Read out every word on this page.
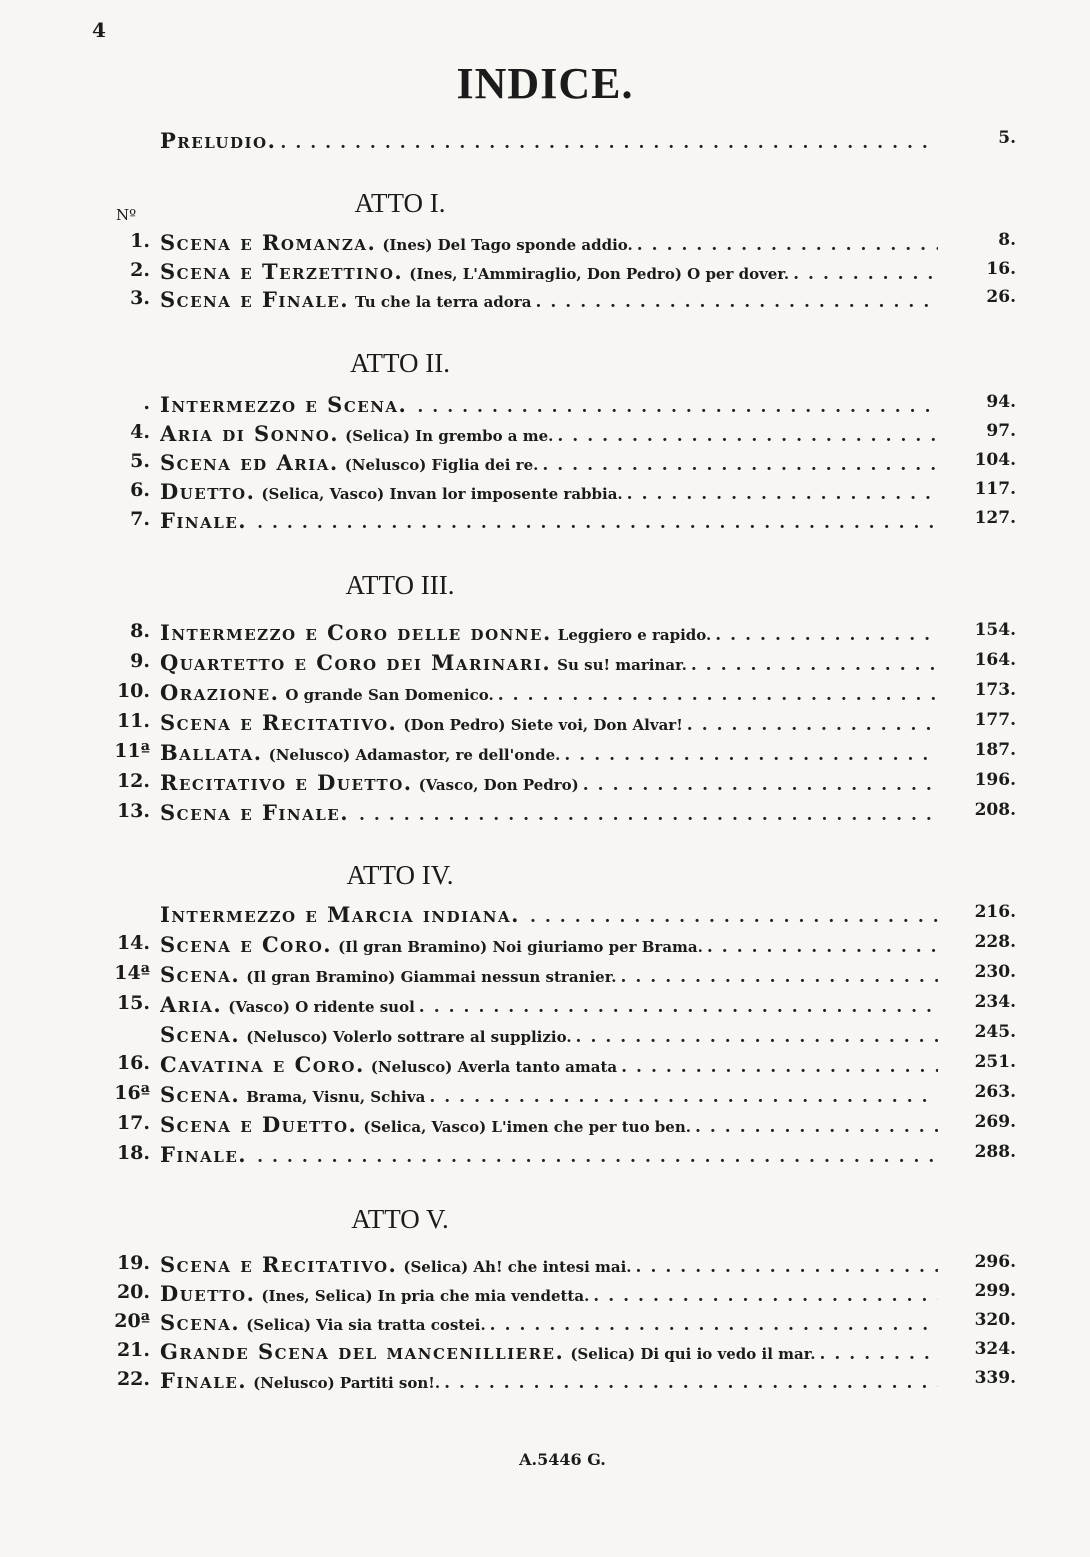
4
INDICE.
Preludio. .....	5.
Nº	ATTO I.
1. Scena e Romanza. (Ines) Del Tago sponde addio. .....	8.
2. Scena e Terzettino. (Ines, L'Ammiraglio, Don Pedro) O per dover. .....	16.
3. Scena e Finale. Tu che la terra adora .....	26.
ATTO II.
. Intermezzo e Scena. .....	94.
4. Aria di Sonno. (Selica) In grembo a me. .....	97.
5. Scena ed Aria. (Nelusco) Figlia dei re. .....	104.
6. Duetto. (Selica, Vasco) Invan lor imposente rabbia. .....	117.
7. Finale. .....	127.
ATTO III.
8. Intermezzo e Coro delle donne. Leggiero e rapido. .....	154.
9. Quartetto e Coro dei Marinari. Su su! marinar. .....	164.
10. Orazione. O grande San Domenico. .....	173.
11. Scena e Recitativo. (Don Pedro) Siete voi, Don Alvar! .....	177.
11ª Ballata. (Nelusco) Adamastor, re dell'onde. .....	187.
12. Recitativo e Duetto. (Vasco, Don Pedro) .....	196.
13. Scena e Finale. .....	208.
ATTO IV.
Intermezzo e Marcia indiana. .....	216.
14. Scena e Coro. (Il gran Bramino) Noi giuriamo per Brama. .....	228.
14ª Scena. (Il gran Bramino) Giammai nessun stranier. .....	230.
15. Aria. (Vasco) O ridente suol .....	234.
Scena. (Nelusco) Volerlo sottrare al supplizio. .....	245.
16. Cavatina e Coro. (Nelusco) Averla tanto amata .....	251.
16ª Scena. Brama, Visnu, Schiva .....	263.
17. Scena e Duetto. (Selica, Vasco) L'imen che per tuo ben. .....	269.
18. Finale. .....	288.
ATTO V.
19. Scena e Recitativo. (Selica) Ah! che intesi mai. .....	296.
20. Duetto. (Ines, Selica) In pria che mia vendetta. .....	299.
20ª Scena. (Selica) Via sia tratta costei. .....	320.
21. Grande Scena del mancenilliere. (Selica) Di qui io vedo il mar. .....	324.
22. Finale. (Nelusco) Partiti son!. .....	339.
A.5446 G.
